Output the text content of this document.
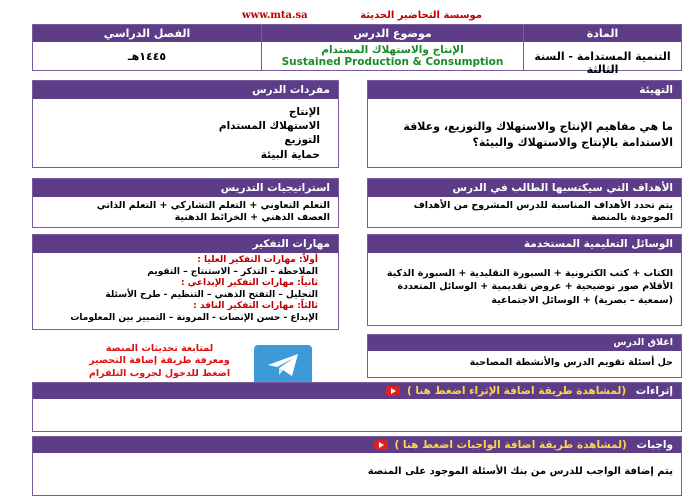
www.mta.sa	موسسة التحاضير الحديثة
المادة
التنمية المستدامة - السنة الثالثة
موضوع الدرس
الإنتاج والاستهلاك المستدام
Sustained Production & Consumption
الفصل الدراسي
١٤٤٥هـ
التهيئة
ما هي مفاهيم الإنتاج والاستهلاك والتوزيع، وعلاقة الاستدامة بالإنتاج والاستهلاك والبيئة؟
مفردات الدرس
الإنتاج
الاستهلاك المستدام
التوزيع
حماية البيئة
الأهداف التي سيكتسبها الطالب في الدرس
يتم تحدد الأهداف المناسبة للدرس المشروح من الأهداف الموجودة بالمنصة
استراتيجيات التدريس
التعلم التعاوني + التعلم التشاركي + التعلم الذاتي
العصف الذهني + الخرائط الذهنية
الوسائل التعليمية المستخدمة
الكتاب + كتب الكترونية + السبورة التقليدية + السبورة الذكية
الأقلام صور توضيحية + عروض تقديمية + الوسائل المتعددة
(سمعية – بصرية) + الوسائل الاجتماعية
مهارات التفكير
أولاً: مهارات التفكير العليا :
الملاحظة – التذكر – الاستنتاج – التقويم
ثانياً: مهارات التفكير الإبداعي :
التحليل – التفتح الذهني – التنظيم - طرح الأسئلة
ثالثاً: مهارات التفكير الناقد :
الإبداع - حسن الإنصات - المرونة – التمييز بين المعلومات
اغلاق الدرس
حل أسئلة تقويم الدرس والأنشطة المصاحبة
لمتابعة تحديثات المنصة
ومعرفة طريقة إضافة التحضير
اضغط للدخول لجروب التلقرام
إثراءات (لمشاهدة طريقة اضافة الإثراء اضغط هنا )
واجبات (لمشاهدة طريقة اضافة الواجبات اضغط هنا )
يتم إضافة الواجب للدرس من بنك الأسئلة الموجود على المنصة
